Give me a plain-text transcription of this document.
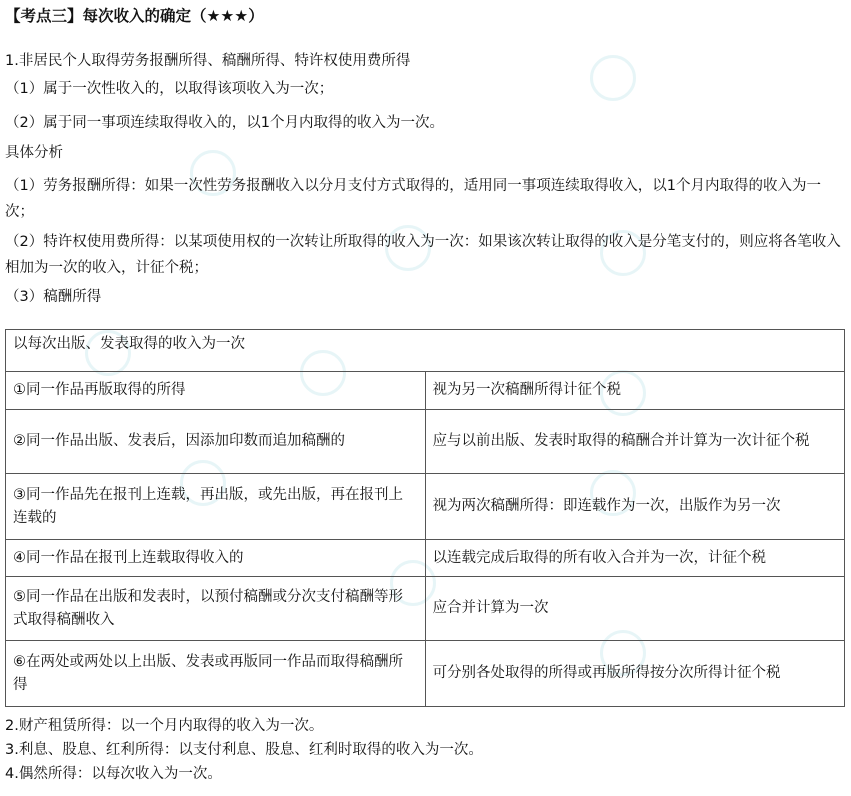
【考点三】每次收入的确定（★★★）
1.非居民个人取得劳务报酬所得、稿酬所得、特许权使用费所得
（1）属于一次性收入的，以取得该项收入为一次；
（2）属于同一事项连续取得收入的，以1个月内取得的收入为一次。
具体分析
（1）劳务报酬所得：如果一次性劳务报酬收入以分月支付方式取得的，适用同一事项连续取得收入，以1个月内取得的收入为一次；
（2）特许权使用费所得：以某项使用权的一次转让所取得的收入为一次：如果该次转让取得的收入是分笔支付的，则应将各笔收入相加为一次的收入，计征个税；
（3）稿酬所得
以每次出版、发表取得的收入为一次	
①同一作品再版取得的所得	视为另一次稿酬所得计征个税
②同一作品出版、发表后，因添加印数而追加稿酬的	应与以前出版、发表时取得的稿酬合并计算为一次计征个税
③同一作品先在报刊上连载，再出版，或先出版，再在报刊上连载的	视为两次稿酬所得：即连载作为一次，出版作为另一次
④同一作品在报刊上连载取得收入的	以连载完成后取得的所有收入合并为一次，计征个税
⑤同一作品在出版和发表时，以预付稿酬或分次支付稿酬等形式取得稿酬收入	应合并计算为一次
⑥在两处或两处以上出版、发表或再版同一作品而取得稿酬所得	可分别各处取得的所得或再版所得按分次所得计征个税
2.财产租赁所得：以一个月内取得的收入为一次。
3.利息、股息、红利所得：以支付利息、股息、红利时取得的收入为一次。
4.偶然所得：以每次收入为一次。
